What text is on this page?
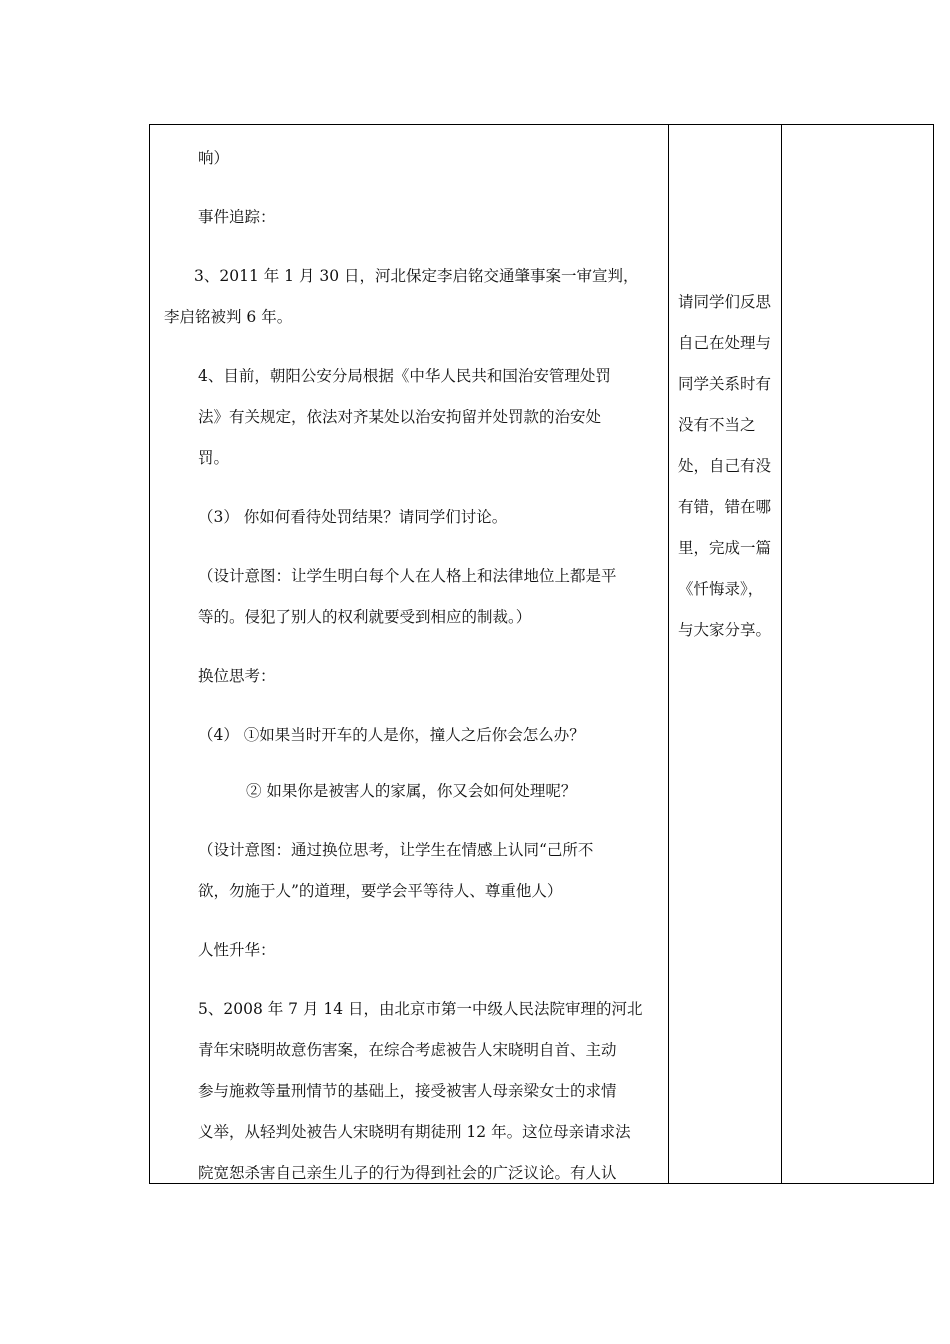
响）
事件追踪：
3、2011 年 1 月 30 日，河北保定李启铭交通肇事案一审宣判，
李启铭被判 6 年。
4、目前，朝阳公安分局根据《中华人民共和国治安管理处罚
法》有关规定，依法对齐某处以治安拘留并处罚款的治安处
罚。
（3） 你如何看待处罚结果？请同学们讨论。
（设计意图：让学生明白每个人在人格上和法律地位上都是平
等的。侵犯了别人的权利就要受到相应的制裁。）
换位思考：
（4） ①如果当时开车的人是你，撞人之后你会怎么办？
② 如果你是被害人的家属，你又会如何处理呢？
（设计意图：通过换位思考，让学生在情感上认同“己所不
欲，勿施于人”的道理，要学会平等待人、尊重他人）
人性升华：
5、2008 年 7 月 14 日，由北京市第一中级人民法院审理的河北
青年宋晓明故意伤害案，在综合考虑被告人宋晓明自首、主动
参与施救等量刑情节的基础上，接受被害人母亲梁女士的求情
义举，从轻判处被告人宋晓明有期徒刑 12 年。这位母亲请求法
院宽恕杀害自己亲生儿子的行为得到社会的广泛议论。有人认
请同学们反思自己在处理与同学关系时有没有不当之处，自己有没有错，错在哪里，完成一篇《忏悔录》，与大家分享。
